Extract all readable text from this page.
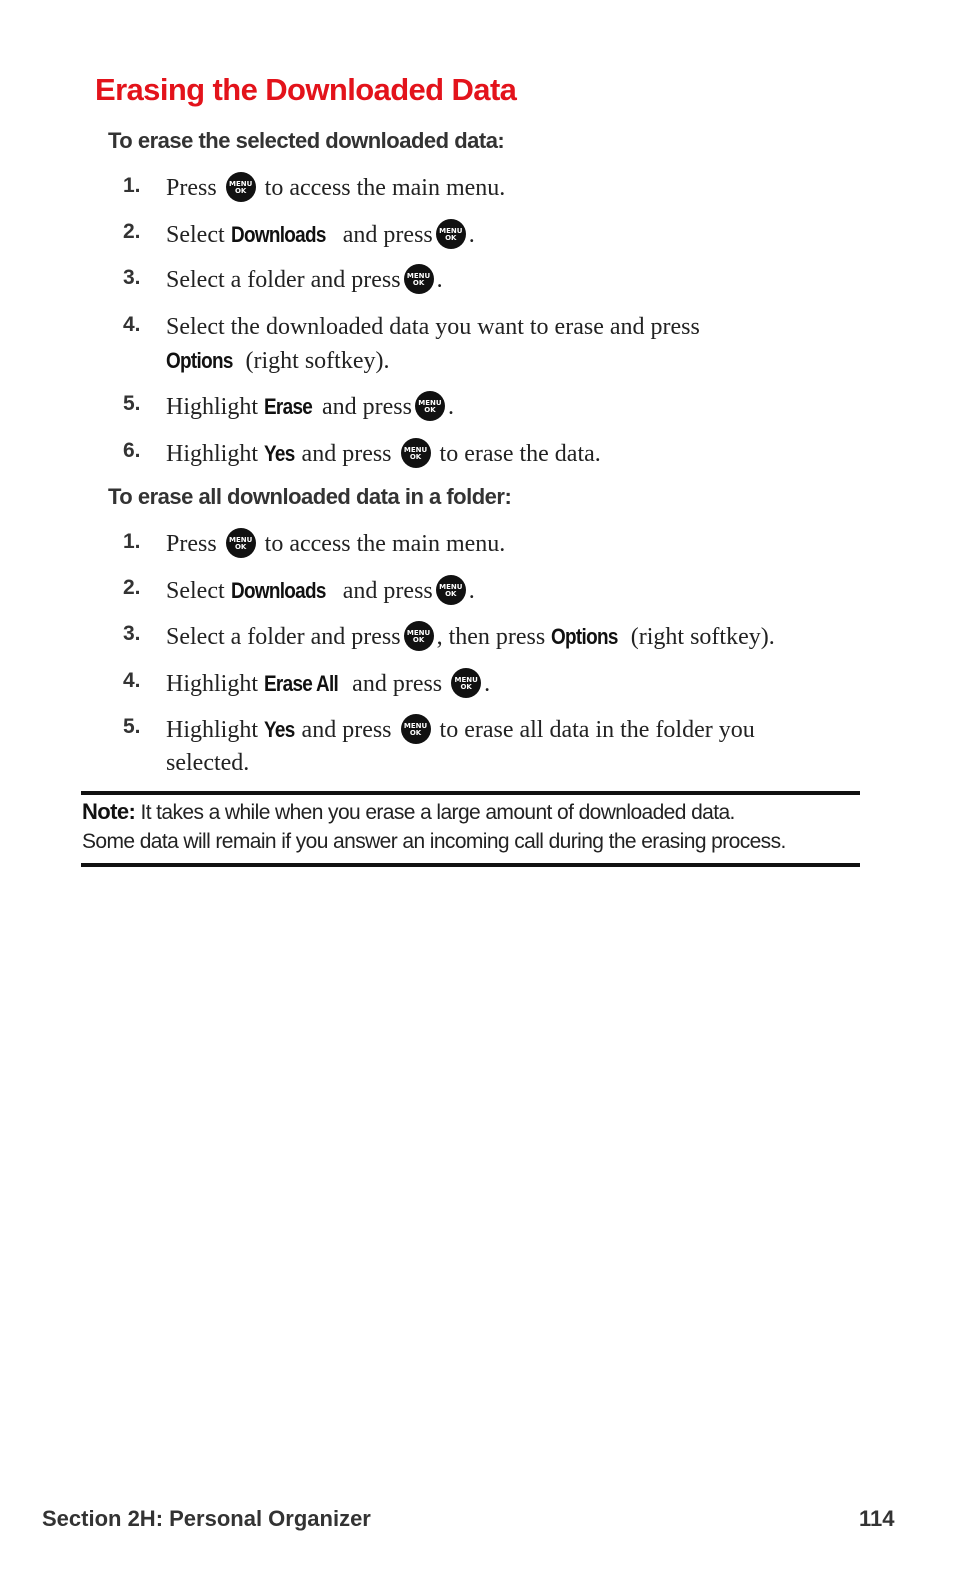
Erasing the Downloaded Data
To erase the selected downloaded data:
1. Press	MENU
OK to access the main menu.
2. Select Downloads and press MENU
OK .
3. Select a folder and press MENU
OK .
4. Select the downloaded data you want to erase and press
Options (right softkey).
5. Highlight Erase and press MENU
OK .
6. Highlight Yes and press	MENU
OK to erase the data.
To erase all downloaded data in a folder:
1. Press	MENU
OK to access the main menu.
2. Select Downloads and press MENU
OK .
3. Select a folder and press MENU
OK , then press Options (right softkey).
4. Highlight Erase All and press	MENU
OK .
5. Highlight Yes and press	MENU
OK to erase all data in the folder you selected.
Note: It takes a while when you erase a large amount of downloaded data.
Some data will remain if you answer an incoming call during the erasing process.
Section 2H: Personal Organizer	114
